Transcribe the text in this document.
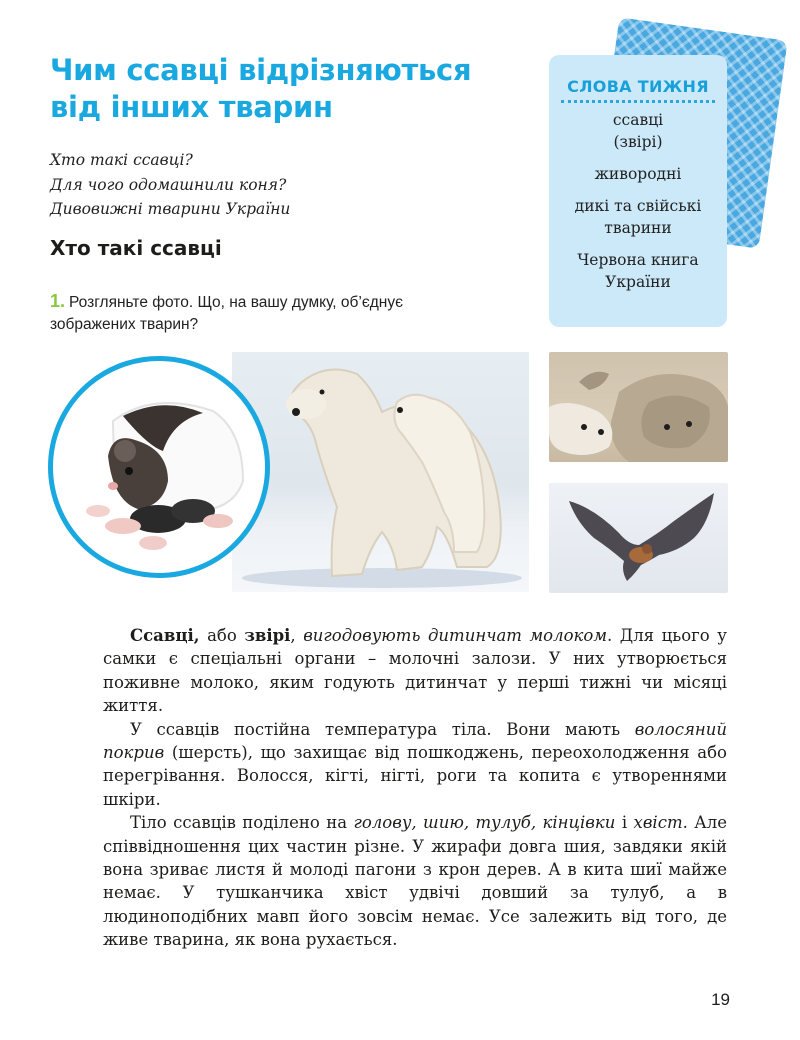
Чим ссавці відрізняються
від інших тварин
Хто такі ссавці?
Для чого одомашнили коня?
Дивовижні тварини України
Хто такі ссавці
1. Розгляньте фото. Що, на вашу думку, об’єднує зображених тварин?
СЛОВА ТИЖНЯ
ссавці (звірі)
живородні
дикі та свійські тварини
Червона книга України

Ссавці, або звірі, вигодовують дитинчат молоком. Для цього у самки є спеціальні органи – молочні залози. У них утворюється поживне молоко, яким годують дитинчат у перші тижні чи місяці життя.

У ссавців постійна температура тіла. Вони мають волосяний покрив (шерсть), що захищає від пошкоджень, переохолодження або перегрівання. Волосся, кігті, нігті, роги та копита є утвореннями шкіри.

Тіло ссавців поділено на голову, шию, тулуб, кінцівки і хвіст. Але співвідношення цих частин різне. У жирафи довга шия, завдяки якій вона зриває листя й молоді пагони з крон дерев. А в кита шиї майже немає. У тушканчика хвіст удвічі довший за тулуб, а в людиноподібних мавп його зовсім немає. Усе залежить від того, де живе тварина, як вона рухається.

19
